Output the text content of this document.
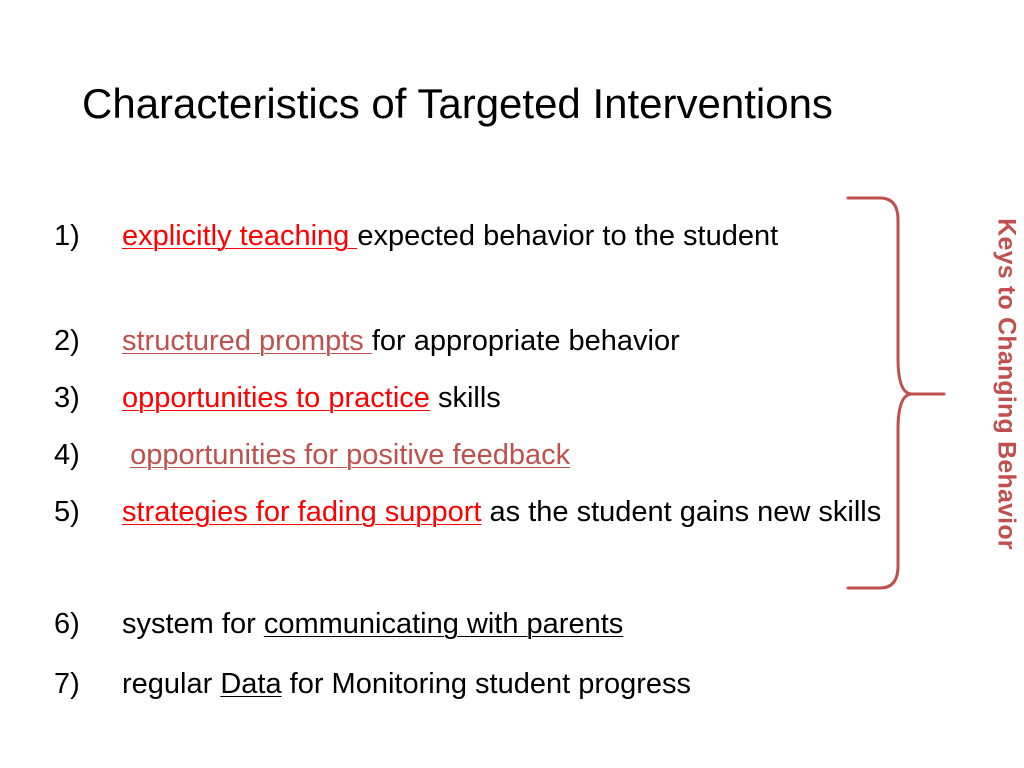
Characteristics of Targeted Interventions
1) explicitly teaching expected behavior to the student
2) structured prompts for appropriate behavior
3) opportunities to practice skills
4) opportunities for positive feedback
5) strategies for fading support as the student gains new skills
6) system for communicating with parents
7) regular Data for Monitoring student progress
Keys to Changing Behavior
